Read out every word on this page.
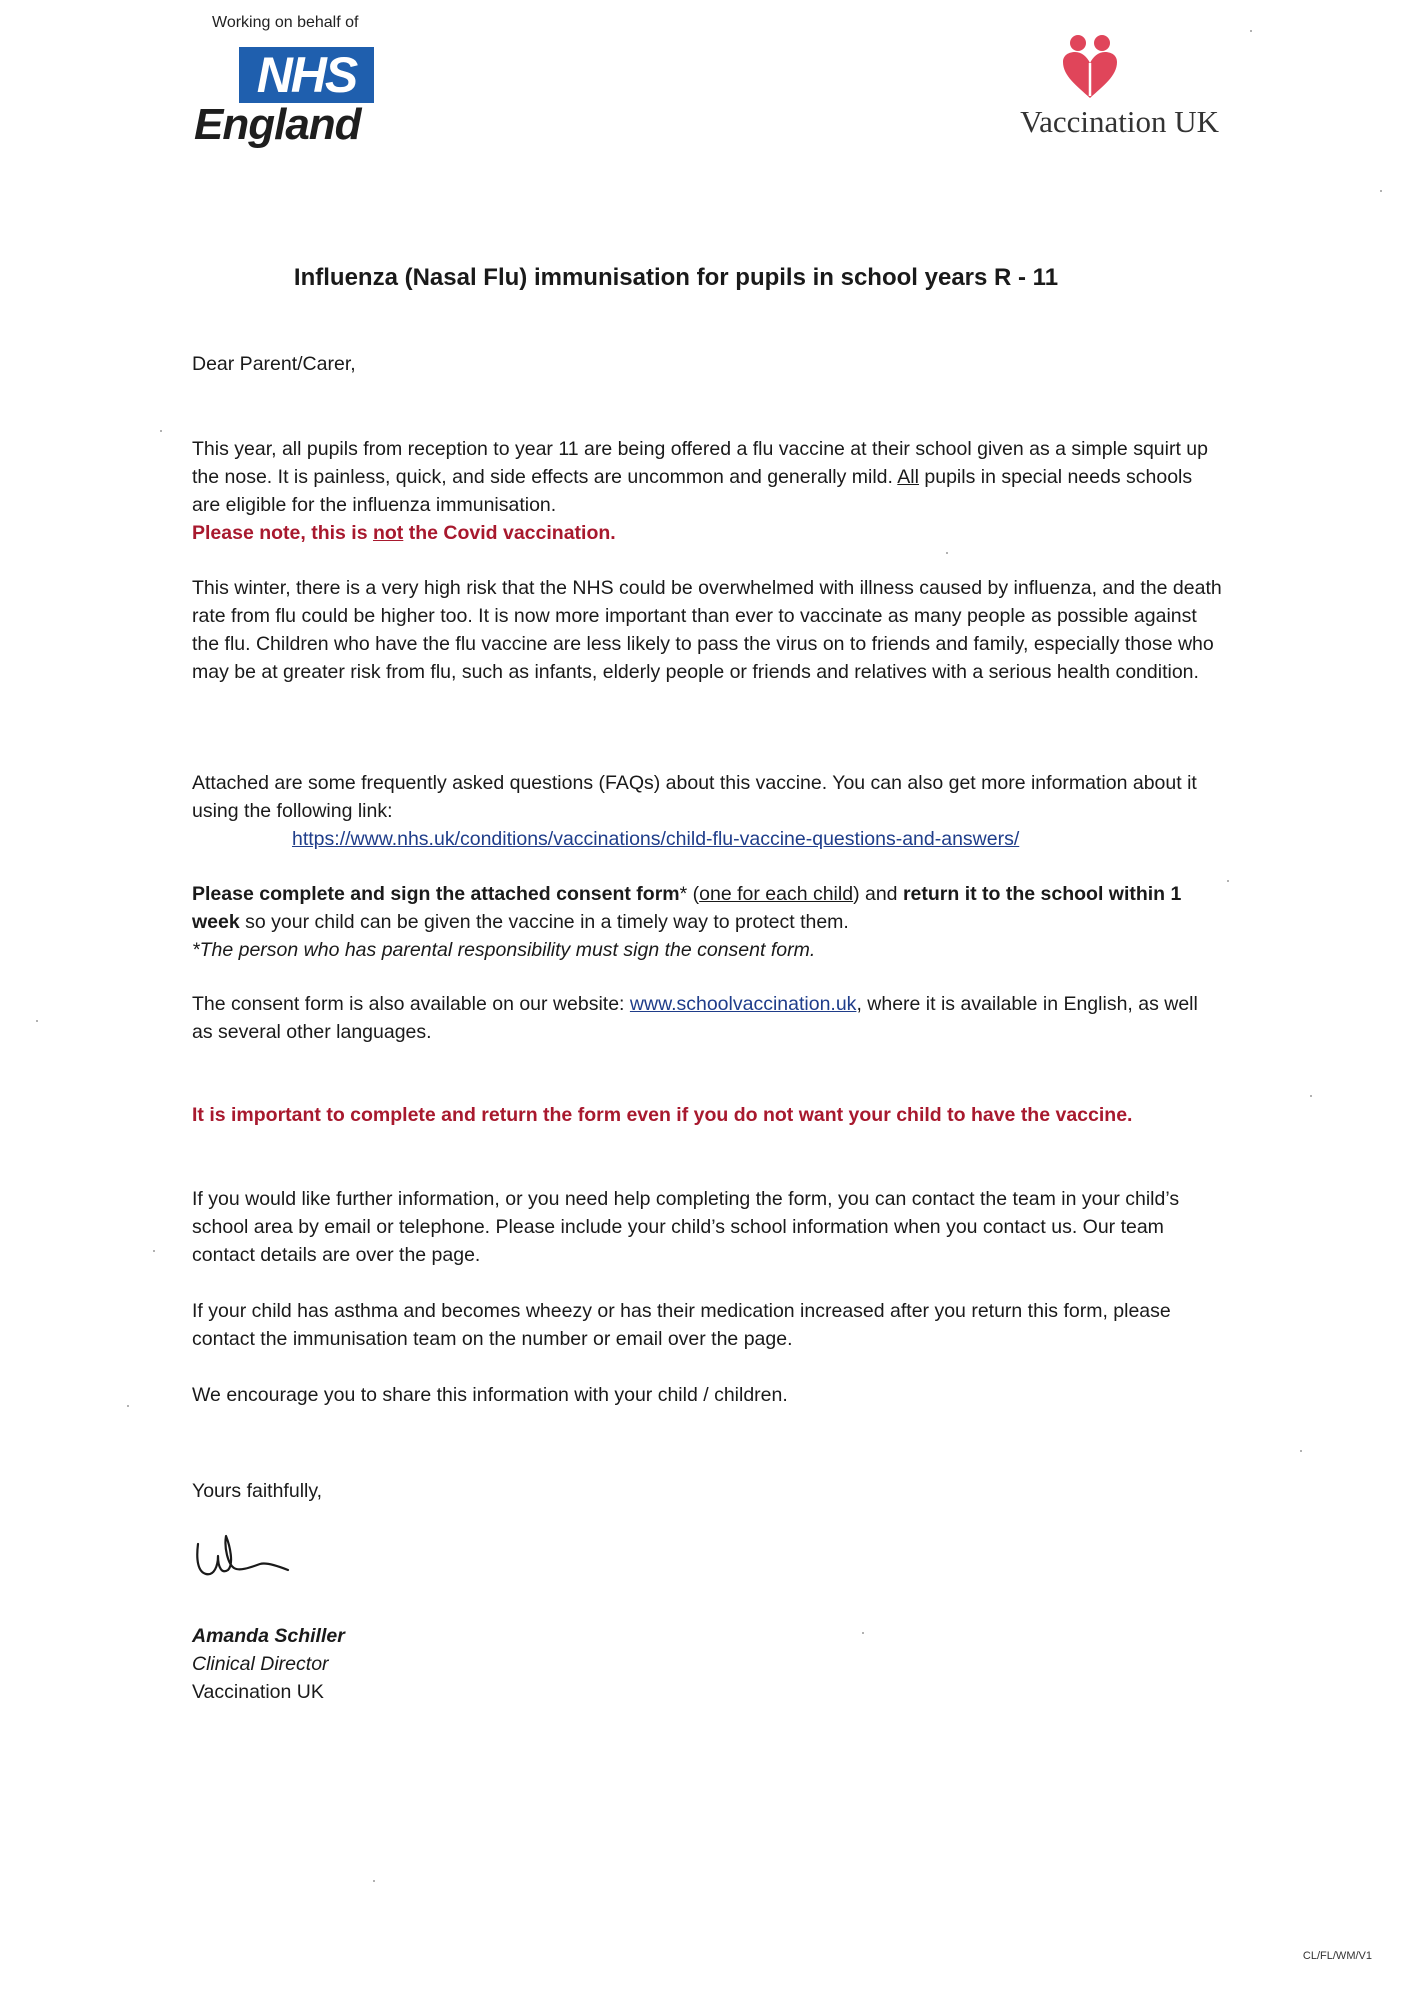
Working on behalf of
NHS
England	Vaccination UK
Influenza (Nasal Flu) immunisation for pupils in school years R - 11
Dear Parent/Carer,
This year, all pupils from reception to year 11 are being offered a flu vaccine at their school given as a simple squirt up the nose. It is painless, quick, and side effects are uncommon and generally mild. All pupils in special needs schools are eligible for the influenza immunisation.
Please note, this is not the Covid vaccination.
This winter, there is a very high risk that the NHS could be overwhelmed with illness caused by influenza, and the death rate from flu could be higher too. It is now more important than ever to vaccinate as many people as possible against the flu. Children who have the flu vaccine are less likely to pass the virus on to friends and family, especially those who may be at greater risk from flu, such as infants, elderly people or friends and relatives with a serious health condition.
Attached are some frequently asked questions (FAQs) about this vaccine. You can also get more information about it using the following link:
https://www.nhs.uk/conditions/vaccinations/child-flu-vaccine-questions-and-answers/
Please complete and sign the attached consent form* (one for each child) and return it to the school within 1 week so your child can be given the vaccine in a timely way to protect them.
*The person who has parental responsibility must sign the consent form.
The consent form is also available on our website: www.schoolvaccination.uk, where it is available in English, as well as several other languages.
It is important to complete and return the form even if you do not want your child to have the vaccine.
If you would like further information, or you need help completing the form, you can contact the team in your child’s school area by email or telephone. Please include your child’s school information when you contact us. Our team contact details are over the page.
If your child has asthma and becomes wheezy or has their medication increased after you return this form, please contact the immunisation team on the number or email over the page.
We encourage you to share this information with your child / children.
Yours faithfully,
Amanda Schiller
Clinical Director
Vaccination UK
CL/FL/WM/V1
